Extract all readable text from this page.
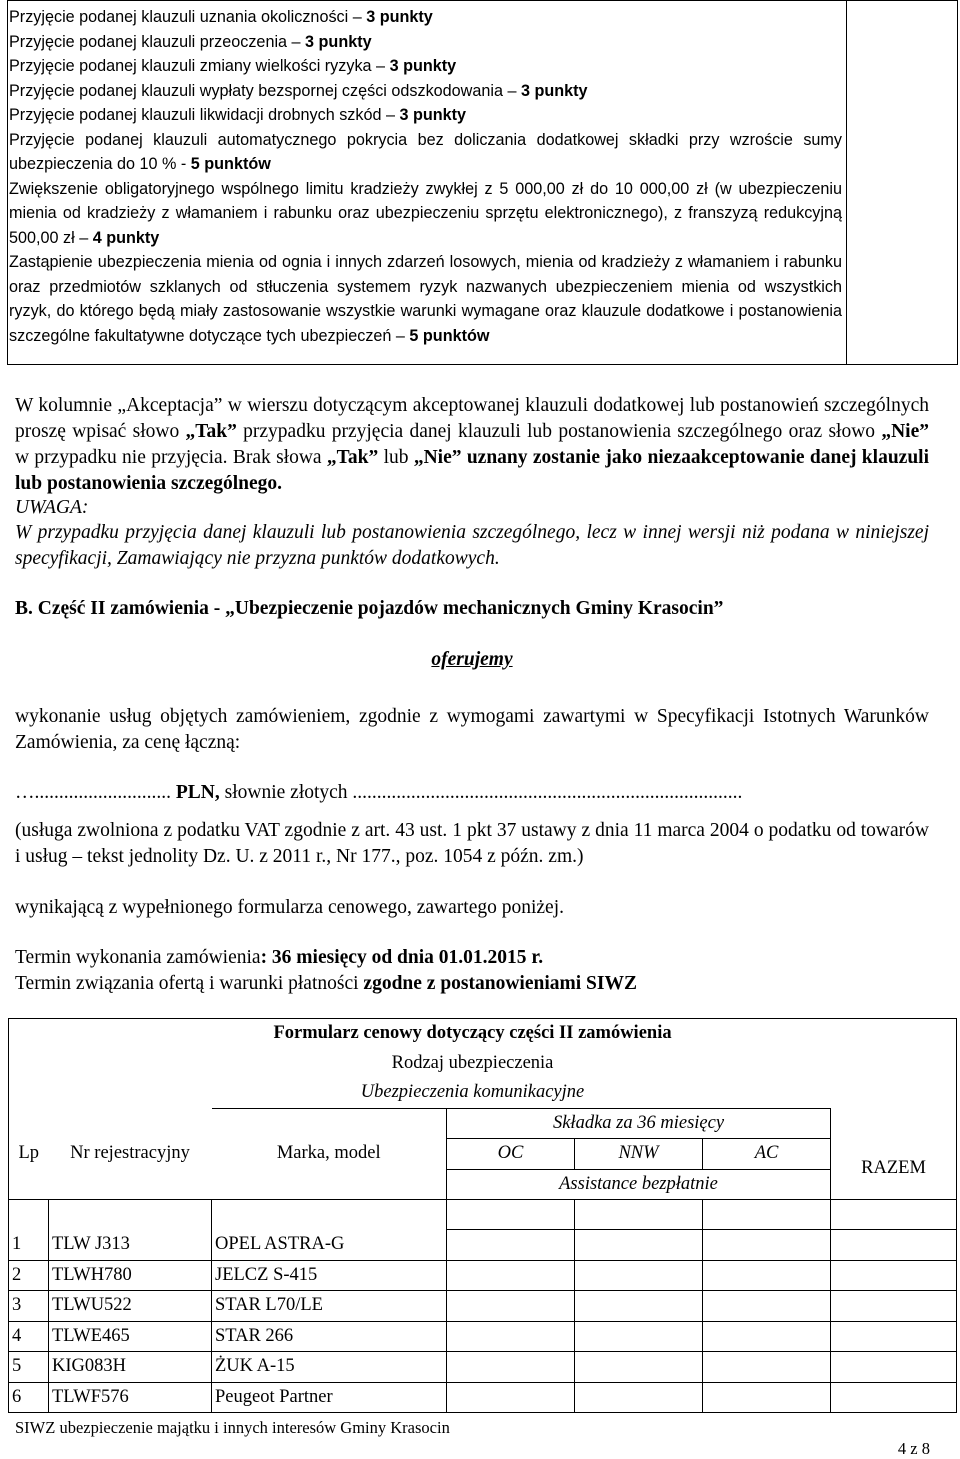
Przyjęcie podanej klauzuli uznania okoliczności – 3 punkty
Przyjęcie podanej klauzuli przeoczenia – 3 punkty
Przyjęcie podanej klauzuli zmiany wielkości ryzyka – 3 punkty
Przyjęcie podanej klauzuli wypłaty bezspornej części odszkodowania – 3 punkty
Przyjęcie podanej klauzuli likwidacji drobnych szkód – 3 punkty
Przyjęcie podanej klauzuli automatycznego pokrycia bez doliczania dodatkowej składki przy wzroście sumy ubezpieczenia do 10 % - 5 punktów
Zwiększenie obligatoryjnego wspólnego limitu kradzieży zwykłej z 5 000,00 zł do 10 000,00 zł (w ubezpieczeniu mienia od kradzieży z włamaniem i rabunku oraz ubezpieczeniu sprzętu elektronicznego), z franszyzą redukcyjną 500,00 zł – 4 punkty
Zastąpienie ubezpieczenia mienia od ognia i innych zdarzeń losowych, mienia od kradzieży z włamaniem i rabunku oraz przedmiotów szklanych od stłuczenia systemem ryzyk nazwanych ubezpieczeniem mienia od wszystkich ryzyk, do którego będą miały zastosowanie wszystkie warunki wymagane oraz klauzule dodatkowe i postanowienia szczególne fakultatywne dotyczące tych ubezpieczeń – 5 punktów

W kolumnie „Akceptacja” w wierszu dotyczącym akceptowanej klauzuli dodatkowej lub postanowień szczególnych proszę wpisać słowo „Tak” przypadku przyjęcia danej klauzuli lub postanowienia szczególnego oraz słowo „Nie” w przypadku nie przyjęcia. Brak słowa „Tak” lub „Nie” uznany zostanie jako niezaakceptowanie danej klauzuli lub postanowienia szczególnego.
UWAGA:
W przypadku przyjęcia danej klauzuli lub postanowienia szczególnego, lecz w innej wersji niż podana w niniejszej specyfikacji, Zamawiający nie przyzna punktów dodatkowych.
B. Część II zamówienia - „Ubezpieczenie pojazdów mechanicznych Gminy Krasocin”
oferujemy
wykonanie usług objętych zamówieniem, zgodnie z wymogami zawartymi w Specyfikacji Istotnych Warunków Zamówienia, za cenę łączną:
…............................ PLN, słownie złotych ................................................................................
(usługa zwolniona z podatku VAT zgodnie z art. 43 ust. 1 pkt 37 ustawy z dnia 11 marca 2004 o podatku od towarów i usług – tekst jednolity Dz. U. z 2011 r., Nr 177., poz. 1054 z późn. zm.)
wynikającą z wypełnionego formularza cenowego, zawartego poniżej.
Termin wykonania zamówienia: 36 miesięcy od dnia 01.01.2015 r.
Termin związania ofertą i warunki płatności zgodne z postanowieniami SIWZ
		Formularz cenowy dotyczący części II zamówienia				
		Rodzaj ubezpieczenia				
		Ubezpieczenia komunikacyjne				
			Składka za 36 miesięcy			
Lp	Nr rejestracyjny	Marka, model	OC	NNW	AC	RAZEM
			Assistance bezpłatnie			

1	TLW J313	OPEL ASTRA-G				
2	TLWH780	JELCZ S-415				
3	TLWU522	STAR L70/LE				
4	TLWE465	STAR 266				
5	KIG083H	ŻUK A-15				
6	TLWF576	Peugeot Partner				
SIWZ ubezpieczenie majątku i innych interesów Gminy Krasocin
4 z 8
